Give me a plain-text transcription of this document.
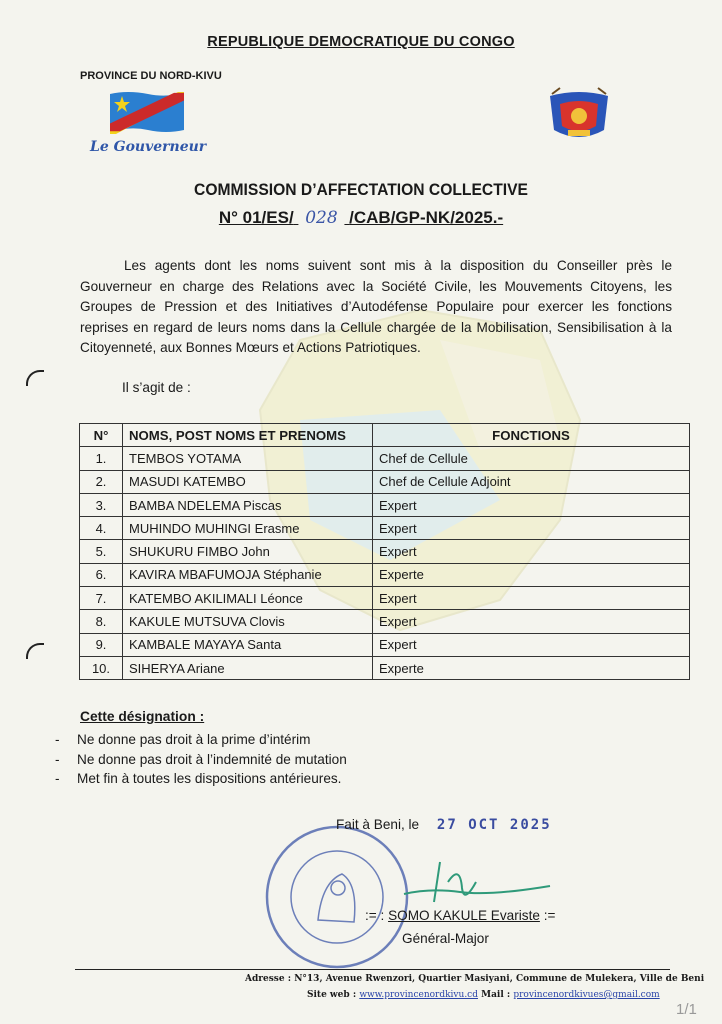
REPUBLIQUE DEMOCRATIQUE DU CONGO
PROVINCE DU NORD-KIVU
Le Gouverneur
COMMISSION D’AFFECTATION COLLECTIVE
N° 01/ES/ 028 /CAB/GP-NK/2025.-
Les agents dont les noms suivent sont mis à la disposition du Conseiller près le Gouverneur en charge des Relations avec la Société Civile, les Mouvements Citoyens, les Groupes de Pression et des Initiatives d’Autodéfense Populaire pour exercer les fonctions reprises en regard de leurs noms dans la Cellule chargée de la Mobilisation, Sensibilisation à la Citoyenneté, aux Bonnes Mœurs et Actions Patriotiques.
Il s’agit de :
N°	NOMS, POST NOMS ET PRENOMS	FONCTIONS
1.	TEMBOS YOTAMA	Chef de Cellule
2.	MASUDI KATEMBO	Chef de Cellule Adjoint
3.	BAMBA NDELEMA Piscas	Expert
4.	MUHINDO MUHINGI Erasme	Expert
5.	SHUKURU FIMBO John	Expert
6.	KAVIRA MBAFUMOJA Stéphanie	Experte
7.	KATEMBO AKILIMALI Léonce	Expert
8.	KAKULE MUTSUVA Clovis	Expert
9.	KAMBALE MAYAYA Santa	Expert
10.	SIHERYA Ariane	Experte
Cette désignation :
- Ne donne pas droit à la prime d’intérim
- Ne donne pas droit à l’indemnité de mutation
- Met fin à toutes les dispositions antérieures.
Fait à Beni, le 27 OCT 2025
:= : SOMO KAKULE Evariste :=
Général-Major
Adresse : N°13, Avenue Rwenzori, Quartier Masiyani, Commune de Mulekera, Ville de Beni
Site web : www.provincenordkivu.cd Mail : provincenordkivues@gmail.com
1/1
